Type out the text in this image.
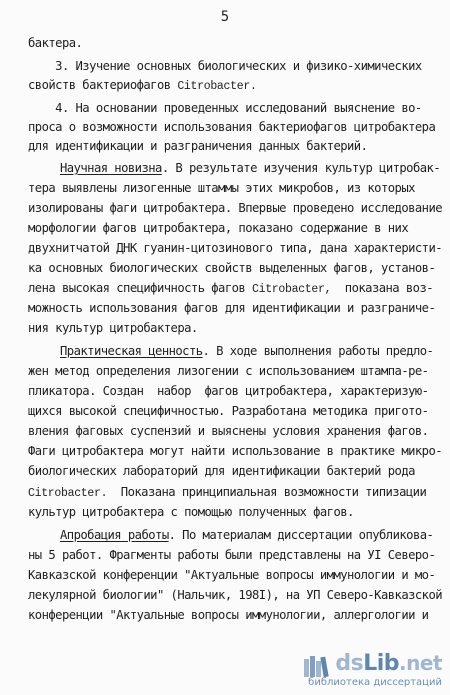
5
бактера.
3. Изучение основных биологических и физико-химических
свойств бактериофагов Citrobacter.
4. На основании проведенных исследований выяснение во-
проса о возможности использования бактериофагов цитробактера
для идентификации и разграничения данных бактерий.
Научная новизна. В результате изучения культур цитробак-
тера выявлены лизогенные штаммы этих микробов, из которых
изолированы фаги цитробактера. Впервые проведено исследование
морфологии фагов цитробактера, показано содержание в них
двухнитчатой ДНК гуанин-цитозинового типа, дана характеристи-
ка основных биологических свойств выделенных фагов, установ-
лена высокая специфичность фагов Citrobacter,  показана воз-
можность использования фагов для идентификации и разграниче-
ния культур цитробактера.
Практическая ценность. В ходе выполнения работы предло-
жен метод определения лизогении с использованием штампа-ре-
пликатора. Создан  набор  фагов цитробактера, характеризую-
щихся высокой специфичностью. Разработана методика пригото-
вления фаговых суспензий и выяснены условия хранения фагов.
Фаги цитробактера могут найти использование в практике микро-
биологических лабораторий для идентификации бактерий рода
Citrobacter.  Показана принципиальная возможности типизации
культур цитробактера с помощью полученных фагов.
Апробация работы. По материалам диссертации опубликова-
ны 5 работ. Фрагменты работы были представлены на УI Северо-
Кавказской конференции "Актуальные вопросы иммунологии и мо-
лекулярной биологии" (Нальчик, 198I), на УП Северо-Кавказской
конференции "Актуальные вопросы иммунологии, аллергологии и
dsLib.net
библиотека диссертаций
